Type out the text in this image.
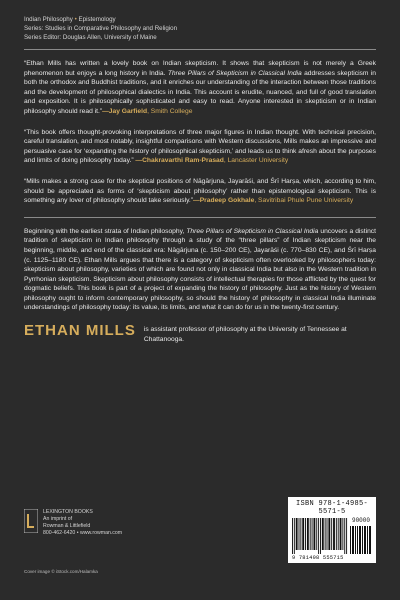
Indian Philosophy • Epistemology
Series: Studies in Comparative Philosophy and Religion
Series Editor: Douglas Allen, University of Maine

“Ethan Mills has written a lovely book on Indian skepticism. It shows that skepticism is not merely a Greek phenomenon but enjoys a long history in India. Three Pillars of Skepticism in Classical India addresses skepticism in both the orthodox and Buddhist traditions, and it enriches our understanding of the interaction between those traditions and the development of philosophical dialectics in India. This account is erudite, nuanced, and full of good translation and exposition. It is philosophically sophisticated and easy to read. Anyone interested in skepticism or in Indian philosophy should read it.”—Jay Garfield, Smith College

“This book offers thought-provoking interpretations of three major figures in Indian thought. With technical precision, careful translation, and most notably, insightful comparisons with Western discussions, Mills makes an impressive and persuasive case for ‘expanding the history of philosophical skepticism,’ and leads us to think afresh about the purposes and limits of doing philosophy today.” —Chakravarthi Ram-Prasad, Lancaster University

“Mills makes a strong case for the skeptical positions of Nāgārjuna, Jayarāśi, and Śrī Harṣa, which, according to him, should be appreciated as forms of ‘skepticism about philosophy’ rather than epistemological skepticism. This is something any lover of philosophy should take seriously.”—Pradeep Gokhale, Savitribai Phule Pune University

Beginning with the earliest strata of Indian philosophy, Three Pillars of Skepticism in Classical India uncovers a distinct tradition of skepticism in Indian philosophy through a study of the “three pillars” of Indian skepticism near the beginning, middle, and end of the classical era: Nāgārjuna (c. 150–200 CE), Jayarāśi (c. 770–830 CE), and Śrī Harṣa (c. 1125–1180 CE). Ethan Mills argues that there is a category of skepticism often overlooked by philosophers today: skepticism about philosophy, varieties of which are found not only in classical India but also in the Western tradition in Pyrrhonian skepticism. Skepticism about philosophy consists of intellectual therapies for those afflicted by the quest for dogmatic beliefs. This book is part of a project of expanding the history of philosophy. Just as the history of Western philosophy ought to inform contemporary philosophy, so should the history of philosophy in classical India illuminate understandings of philosophy today: its value, its limits, and what it can do for us in the twenty-first century.

ETHAN MILLS is assistant professor of philosophy at the University of Tennessee at Chattanooga.
LEXINGTON BOOKS
An imprint of
Rowman & Littlefield
800-462-6420 • www.rowman.com
ISBN 978-1-4985-5571-5
90000
9 781498 555715
Cover image © iStock.com/Halamka
